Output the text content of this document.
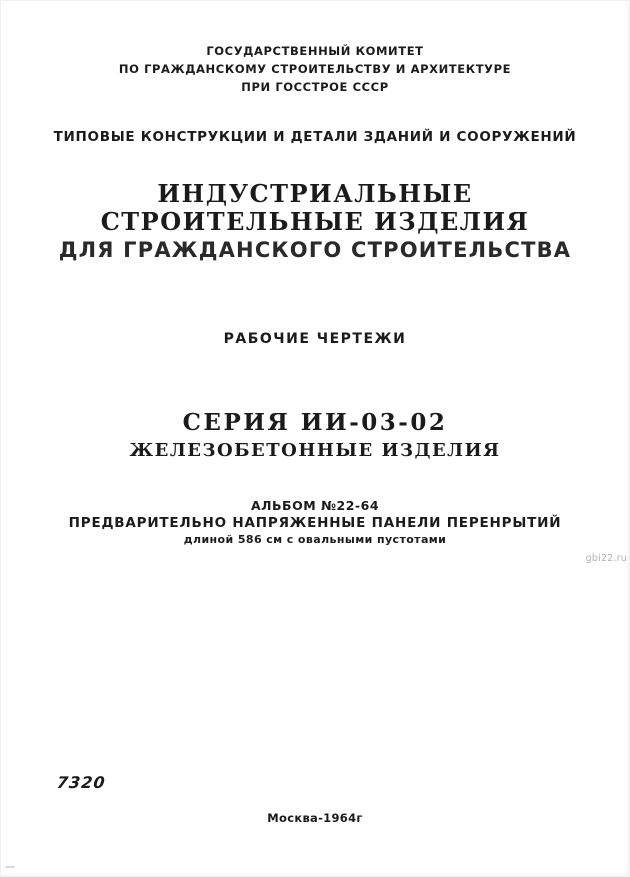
ГОСУДАРСТВЕННЫЙ КОМИТЕТ
ПО ГРАЖДАНСКОМУ СТРОИТЕЛЬСТВУ И АРХИТЕКТУРЕ
ПРИ ГОССТРОЕ СССР
ТИПОВЫЕ КОНСТРУКЦИИ И ДЕТАЛИ ЗДАНИЙ И СООРУЖЕНИЙ
ИНДУСТРИАЛЬНЫЕ
СТРОИТЕЛЬНЫЕ ИЗДЕЛИЯ
ДЛЯ ГРАЖДАНСКОГО СТРОИТЕЛЬСТВА
РАБОЧИЕ ЧЕРТЕЖИ
СЕРИЯ ИИ-03-02
ЖЕЛЕЗОБЕТОННЫЕ ИЗДЕЛИЯ
АЛЬБОМ №22-64
ПРЕДВАРИТЕЛЬНО НАПРЯЖЕННЫЕ ПАНЕЛИ ПЕРЕНРЫТИЙ
длиной 586 см с овальными пустотами
gbi22.ru
7320
Москва-1964г
